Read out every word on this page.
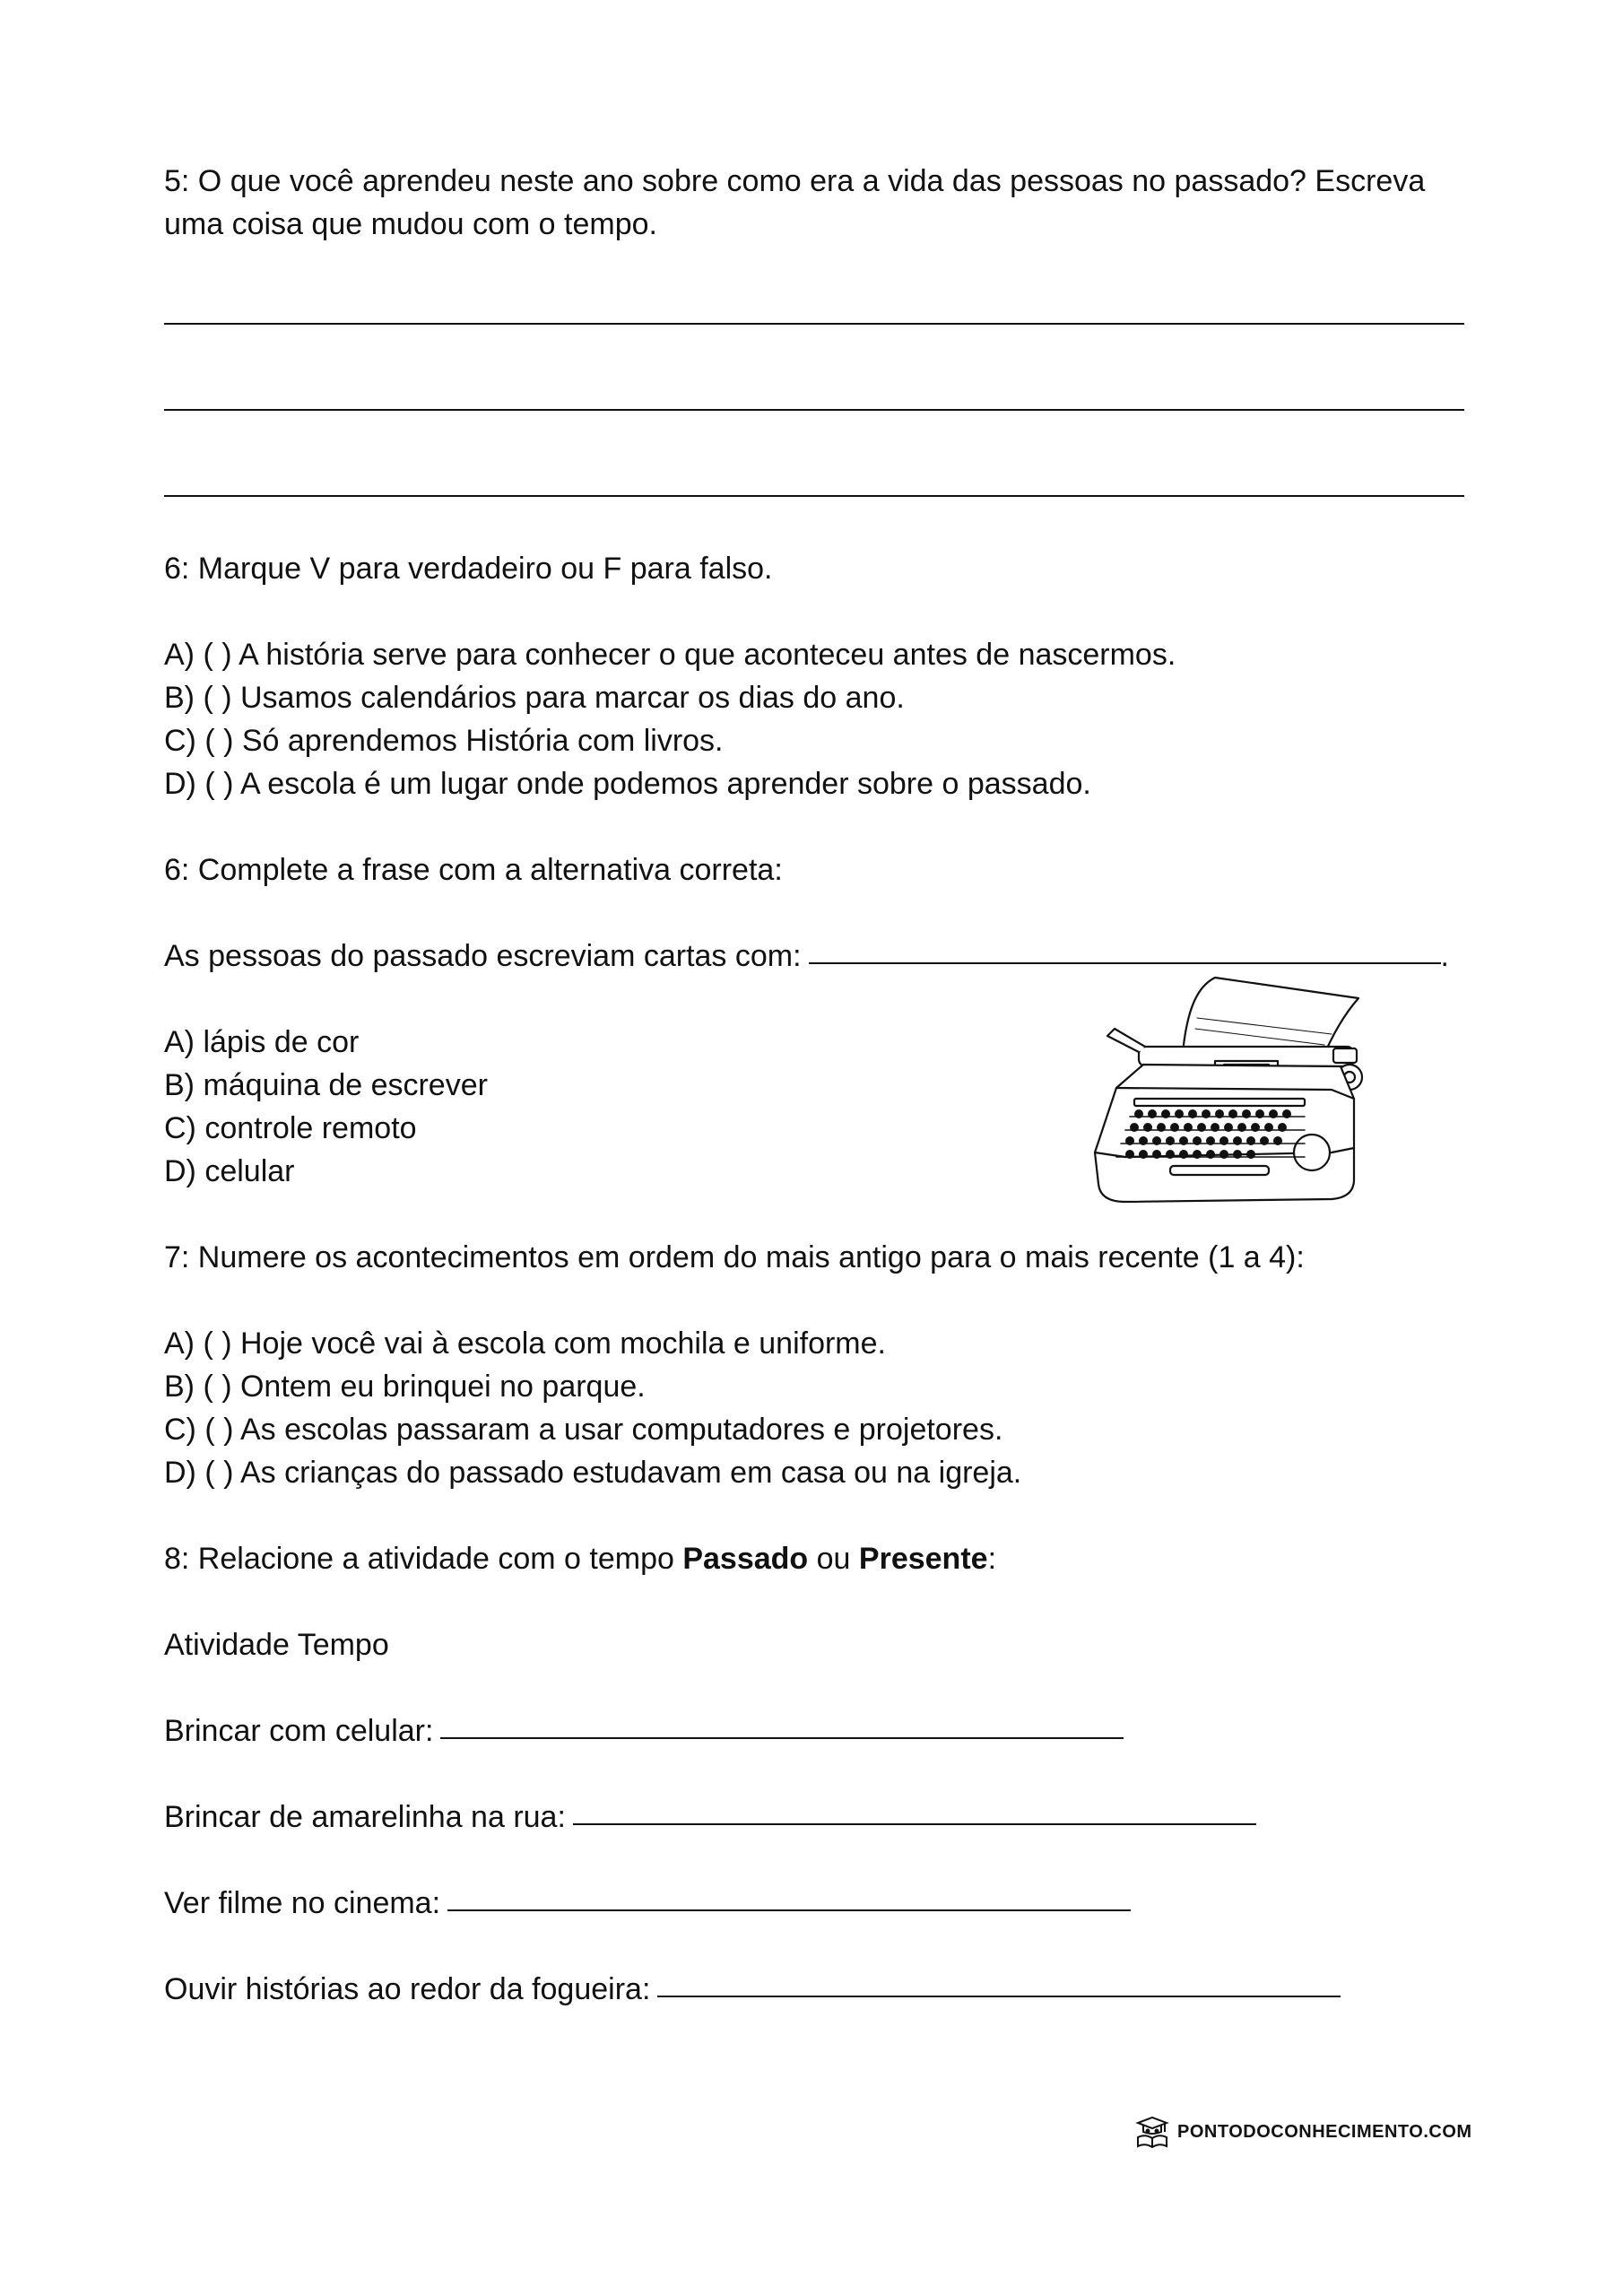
5: O que você aprendeu neste ano sobre como era a vida das pessoas no passado? Escreva
uma coisa que mudou com o tempo.
6: Marque V para verdadeiro ou F para falso.
A) ( ) A história serve para conhecer o que aconteceu antes de nascermos.
B) ( ) Usamos calendários para marcar os dias do ano.
C) ( ) Só aprendemos História com livros.
D) ( ) A escola é um lugar onde podemos aprender sobre o passado.
6: Complete a frase com a alternativa correta:
As pessoas do passado escreviam cartas com:	.
A) lápis de cor
B) máquina de escrever
C) controle remoto
D) celular
7: Numere os acontecimentos em ordem do mais antigo para o mais recente (1 a 4):
A) ( ) Hoje você vai à escola com mochila e uniforme.
B) ( ) Ontem eu brinquei no parque.
C) ( ) As escolas passaram a usar computadores e projetores.
D) ( ) As crianças do passado estudavam em casa ou na igreja.
8: Relacione a atividade com o tempo Passado ou Presente:
Atividade Tempo
Brincar com celular:
Brincar de amarelinha na rua:
Ver filme no cinema:
Ouvir histórias ao redor da fogueira:
PONTODOCONHECIMENTO.COM
